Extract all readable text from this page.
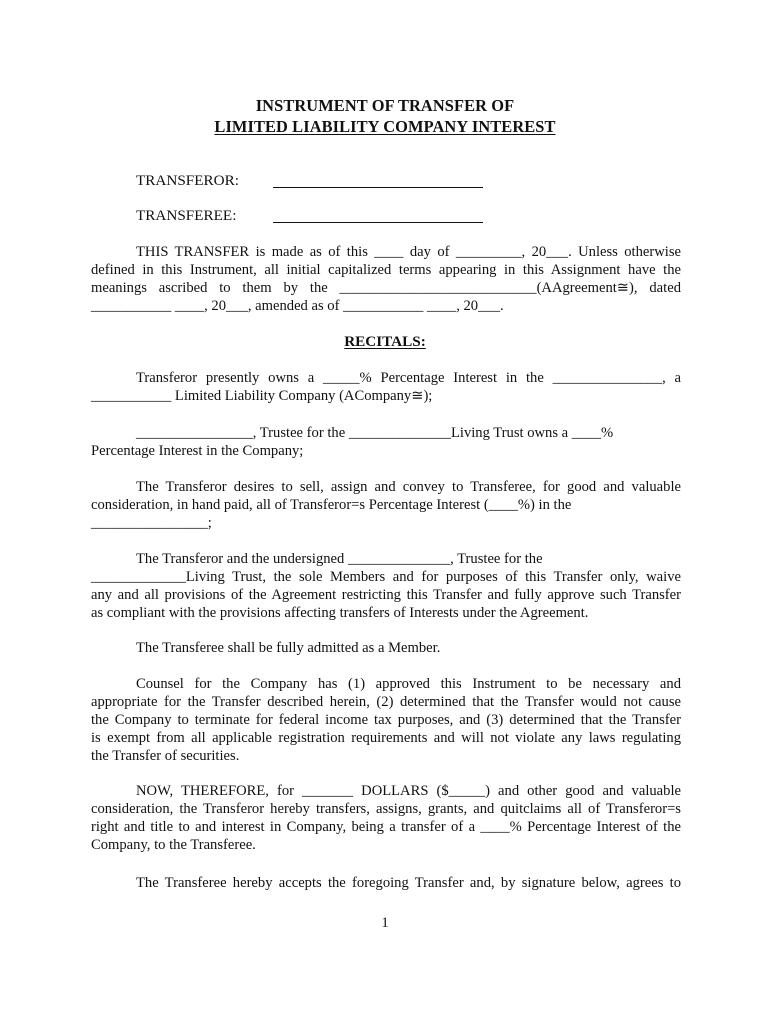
INSTRUMENT OF TRANSFER OF
LIMITED LIABILITY COMPANY INTEREST
TRANSFEROR:
TRANSFEREE:
THIS TRANSFER is made as of this ____ day of _________, 20___. Unless otherwise
defined in this Instrument, all initial capitalized terms appearing in this Assignment have the
meanings ascribed to them by the ___________________________(AAgreement≅), dated
___________ ____, 20___, amended as of ___________ ____, 20___.
RECITALS:
Transferor presently owns a _____% Percentage Interest in the _______________, a
___________ Limited Liability Company (ACompany≅);
________________, Trustee for the ______________Living Trust owns a ____%
Percentage Interest in the Company;
The Transferor desires to sell, assign and convey to Transferee, for good and valuable
consideration, in hand paid, all of Transferor=s Percentage Interest (____%) in the
________________;
The Transferor and the undersigned ______________, Trustee for the
_____________Living Trust, the sole Members and for purposes of this Transfer only, waive
any and all provisions of the Agreement restricting this Transfer and fully approve such Transfer
as compliant with the provisions affecting transfers of Interests under the Agreement.
The Transferee shall be fully admitted as a Member.
Counsel for the Company has (1) approved this Instrument to be necessary and
appropriate for the Transfer described herein, (2) determined that the Transfer would not cause
the Company to terminate for federal income tax purposes, and (3) determined that the Transfer
is exempt from all applicable registration requirements and will not violate any laws regulating
the Transfer of securities.
NOW, THEREFORE, for _______ DOLLARS ($_____) and other good and valuable
consideration, the Transferor hereby transfers, assigns, grants, and quitclaims all of Transferor=s
right and title to and interest in Company, being a transfer of a ____% Percentage Interest of the
Company, to the Transferee.
The Transferee hereby accepts the foregoing Transfer and, by signature below, agrees to
1
